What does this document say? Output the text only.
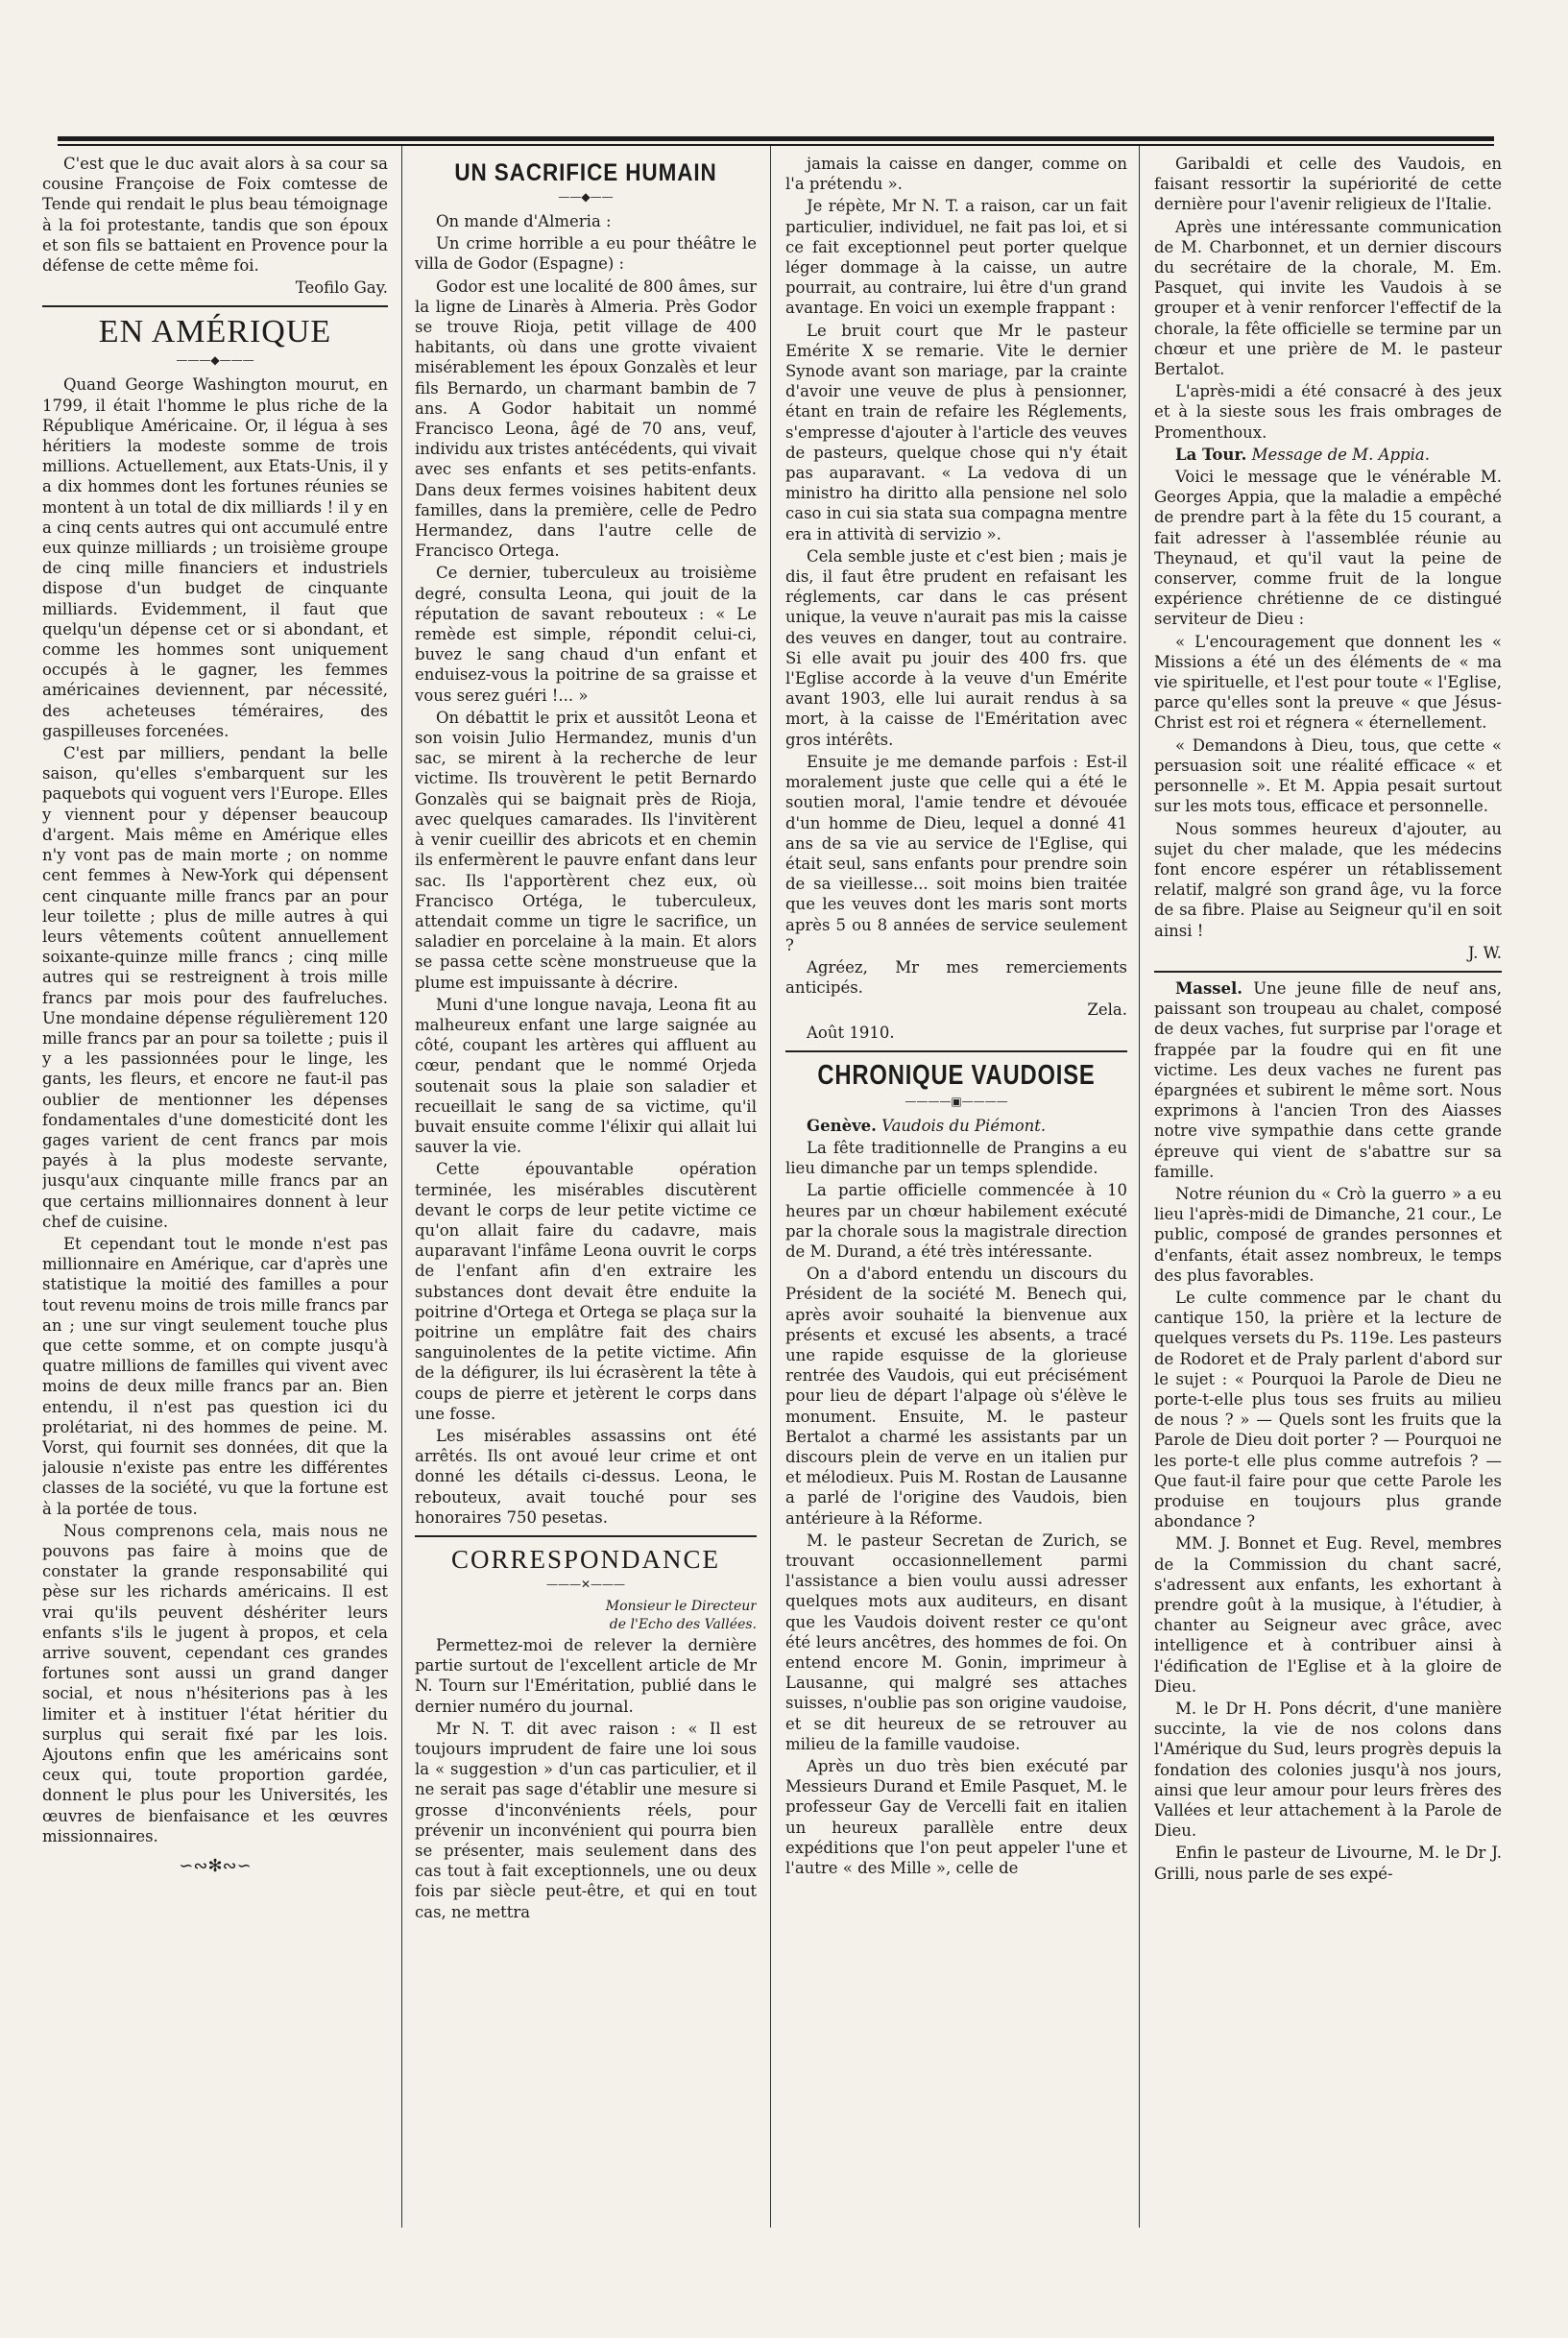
C'est que le duc avait alors à sa cour sa cousine Françoise de Foix comtesse de Tende qui rendait le plus beau témoignage à la foi protestante, tandis que son époux et son fils se battaient en Provence pour la défense de cette même foi.

Teofilo Gay.

EN AMÉRIQUE
———◆———

Quand George Washington mourut, en 1799, il était l'homme le plus riche de la République Américaine. Or, il légua à ses héritiers la modeste somme de trois millions. Actuellement, aux Etats-Unis, il y a dix hommes dont les fortunes réunies se montent à un total de dix milliards ! il y en a cinq cents autres qui ont accumulé entre eux quinze milliards ; un troisième groupe de cinq mille financiers et industriels dispose d'un budget de cinquante milliards. Evidemment, il faut que quelqu'un dépense cet or si abondant, et comme les hommes sont uniquement occupés à le gagner, les femmes américaines deviennent, par nécessité, des acheteuses téméraires, des gaspilleuses forcenées.

C'est par milliers, pendant la belle saison, qu'elles s'embarquent sur les paquebots qui voguent vers l'Europe. Elles y viennent pour y dépenser beaucoup d'argent. Mais même en Amérique elles n'y vont pas de main morte ; on nomme cent femmes à New-York qui dépensent cent cinquante mille francs par an pour leur toilette ; plus de mille autres à qui leurs vêtements coûtent annuellement soixante-quinze mille francs ; cinq mille autres qui se restreignent à trois mille francs par mois pour des faufreluches. Une mondaine dépense régulièrement 120 mille francs par an pour sa toilette ; puis il y a les passionnées pour le linge, les gants, les fleurs, et encore ne faut-il pas oublier de mentionner les dépenses fondamentales d'une domesticité dont les gages varient de cent francs par mois payés à la plus modeste servante, jusqu'aux cinquante mille francs par an que certains millionnaires donnent à leur chef de cuisine.

Et cependant tout le monde n'est pas millionnaire en Amérique, car d'après une statistique la moitié des familles a pour tout revenu moins de trois mille francs par an ; une sur vingt seulement touche plus que cette somme, et on compte jusqu'à quatre millions de familles qui vivent avec moins de deux mille francs par an. Bien entendu, il n'est pas question ici du prolétariat, ni des hommes de peine. M. Vorst, qui fournit ses données, dit que la jalousie n'existe pas entre les différentes classes de la société, vu que la fortune est à la portée de tous.

Nous comprenons cela, mais nous ne pouvons pas faire à moins que de constater la grande responsabilité qui pèse sur les richards américains. Il est vrai qu'ils peuvent déshériter leurs enfants s'ils le jugent à propos, et cela arrive souvent, cependant ces grandes fortunes sont aussi un grand danger social, et nous n'hésiterions pas à les limiter et à instituer l'état héritier du surplus qui serait fixé par les lois. Ajoutons enfin que les américains sont ceux qui, toute proportion gardée, donnent le plus pour les Universités, les œuvres de bienfaisance et les œuvres missionnaires.

∽∾✻∾∽
UN SACRIFICE HUMAIN
——◆——

On mande d'Almeria :

Un crime horrible a eu pour théâtre le villa de Godor (Espagne) :

Godor est une localité de 800 âmes, sur la ligne de Linarès à Almeria. Près Godor se trouve Rioja, petit village de 400 habitants, où dans une grotte vivaient misérablement les époux Gonzalès et leur fils Bernardo, un charmant bambin de 7 ans. A Godor habitait un nommé Francisco Leona, âgé de 70 ans, veuf, individu aux tristes antécédents, qui vivait avec ses enfants et ses petits-enfants. Dans deux fermes voisines habitent deux familles, dans la première, celle de Pedro Hermandez, dans l'autre celle de Francisco Ortega.

Ce dernier, tuberculeux au troisième degré, consulta Leona, qui jouit de la réputation de savant rebouteux : « Le remède est simple, répondit celui-ci, buvez le sang chaud d'un enfant et enduisez-vous la poitrine de sa graisse et vous serez guéri !... »

On débattit le prix et aussitôt Leona et son voisin Julio Hermandez, munis d'un sac, se mirent à la recherche de leur victime. Ils trouvèrent le petit Bernardo Gonzalès qui se baignait près de Rioja, avec quelques camarades. Ils l'invitèrent à venir cueillir des abricots et en chemin ils enfermèrent le pauvre enfant dans leur sac. Ils l'apportèrent chez eux, où Francisco Ortéga, le tuberculeux, attendait comme un tigre le sacrifice, un saladier en porcelaine à la main. Et alors se passa cette scène monstrueuse que la plume est impuissante à décrire.

Muni d'une longue navaja, Leona fit au malheureux enfant une large saignée au côté, coupant les artères qui affluent au cœur, pendant que le nommé Orjeda soutenait sous la plaie son saladier et recueillait le sang de sa victime, qu'il buvait ensuite comme l'élixir qui allait lui sauver la vie.

Cette épouvantable opération terminée, les misérables discutèrent devant le corps de leur petite victime ce qu'on allait faire du cadavre, mais auparavant l'infâme Leona ouvrit le corps de l'enfant afin d'en extraire les substances dont devait être enduite la poitrine d'Ortega et Ortega se plaça sur la poitrine un emplâtre fait des chairs sanguinolentes de la petite victime. Afin de la défigurer, ils lui écrasèrent la tête à coups de pierre et jetèrent le corps dans une fosse.

Les misérables assassins ont été arrêtés. Ils ont avoué leur crime et ont donné les détails ci-dessus. Leona, le rebouteux, avait touché pour ses honoraires 750 pesetas.

CORRESPONDANCE
———✕———

Monsieur le Directeur

de l'Echo des Vallées.

Permettez-moi de relever la dernière partie surtout de l'excellent article de Mr N. Tourn sur l'Eméritation, publié dans le dernier numéro du journal.

Mr N. T. dit avec raison : « Il est toujours imprudent de faire une loi sous la « suggestion » d'un cas particulier, et il ne serait pas sage d'établir une mesure si grosse d'inconvénients réels, pour prévenir un inconvénient qui pourra bien se présenter, mais seulement dans des cas tout à fait exceptionnels, une ou deux fois par siècle peut-être, et qui en tout cas, ne mettra

jamais la caisse en danger, comme on l'a prétendu ».

Je répète, Mr N. T. a raison, car un fait particulier, individuel, ne fait pas loi, et si ce fait exceptionnel peut porter quelque léger dommage à la caisse, un autre pourrait, au contraire, lui être d'un grand avantage. En voici un exemple frappant :

Le bruit court que Mr le pasteur Emérite X se remarie. Vite le dernier Synode avant son mariage, par la crainte d'avoir une veuve de plus à pensionner, étant en train de refaire les Réglements, s'empresse d'ajouter à l'article des veuves de pasteurs, quelque chose qui n'y était pas auparavant. « La vedova di un ministro ha diritto alla pensione nel solo caso in cui sia stata sua compagna mentre era in attività di servizio ».

Cela semble juste et c'est bien ; mais je dis, il faut être prudent en refaisant les réglements, car dans le cas présent unique, la veuve n'aurait pas mis la caisse des veuves en danger, tout au contraire. Si elle avait pu jouir des 400 frs. que l'Eglise accorde à la veuve d'un Emérite avant 1903, elle lui aurait rendus à sa mort, à la caisse de l'Eméritation avec gros intérêts.

Ensuite je me demande parfois : Est-il moralement juste que celle qui a été le soutien moral, l'amie tendre et dévouée d'un homme de Dieu, lequel a donné 41 ans de sa vie au service de l'Eglise, qui était seul, sans enfants pour prendre soin de sa vieillesse... soit moins bien traitée que les veuves dont les maris sont morts après 5 ou 8 années de service seulement ?

Agréez, Mr mes remerciements anticipés.

Zela.

Août 1910.

CHRONIQUE VAUDOISE
————▣————

Genève. Vaudois du Piémont.

La fête traditionnelle de Prangins a eu lieu dimanche par un temps splendide.

La partie officielle commencée à 10 heures par un chœur habilement exécuté par la chorale sous la magistrale direction de M. Durand, a été très intéressante.

On a d'abord entendu un discours du Président de la société M. Benech qui, après avoir souhaité la bienvenue aux présents et excusé les absents, a tracé une rapide esquisse de la glorieuse rentrée des Vaudois, qui eut précisément pour lieu de départ l'alpage où s'élève le monument. Ensuite, M. le pasteur Bertalot a charmé les assistants par un discours plein de verve en un italien pur et mélodieux. Puis M. Rostan de Lausanne a parlé de l'origine des Vaudois, bien antérieure à la Réforme.

M. le pasteur Secretan de Zurich, se trouvant occasionnellement parmi l'assistance a bien voulu aussi adresser quelques mots aux auditeurs, en disant que les Vaudois doivent rester ce qu'ont été leurs ancêtres, des hommes de foi. On entend encore M. Gonin, imprimeur à Lausanne, qui malgré ses attaches suisses, n'oublie pas son origine vaudoise, et se dit heureux de se retrouver au milieu de la famille vaudoise.

Après un duo très bien exécuté par Messieurs Durand et Emile Pasquet, M. le professeur Gay de Vercelli fait en italien un heureux parallèle entre deux expéditions que l'on peut appeler l'une et l'autre « des Mille », celle de

Garibaldi et celle des Vaudois, en faisant ressortir la supériorité de cette dernière pour l'avenir religieux de l'Italie.

Après une intéressante communication de M. Charbonnet, et un dernier discours du secrétaire de la chorale, M. Em. Pasquet, qui invite les Vaudois à se grouper et à venir renforcer l'effectif de la chorale, la fête officielle se termine par un chœur et une prière de M. le pasteur Bertalot.

L'après-midi a été consacré à des jeux et à la sieste sous les frais ombrages de Promenthoux.

La Tour. Message de M. Appia.

Voici le message que le vénérable M. Georges Appia, que la maladie a empêché de prendre part à la fête du 15 courant, a fait adresser à l'assemblée réunie au Theynaud, et qu'il vaut la peine de conserver, comme fruit de la longue expérience chrétienne de ce distingué serviteur de Dieu :

« L'encouragement que donnent les « Missions a été un des éléments de « ma vie spirituelle, et l'est pour toute « l'Eglise, parce qu'elles sont la preuve « que Jésus-Christ est roi et régnera « éternellement.

« Demandons à Dieu, tous, que cette « persuasion soit une réalité efficace « et personnelle ». Et M. Appia pesait surtout sur les mots tous, efficace et personnelle.

Nous sommes heureux d'ajouter, au sujet du cher malade, que les médecins font encore espérer un rétablissement relatif, malgré son grand âge, vu la force de sa fibre. Plaise au Seigneur qu'il en soit ainsi !

J. W.

Massel. Une jeune fille de neuf ans, paissant son troupeau au chalet, composé de deux vaches, fut surprise par l'orage et frappée par la foudre qui en fit une victime. Les deux vaches ne furent pas épargnées et subirent le même sort. Nous exprimons à l'ancien Tron des Aiasses notre vive sympathie dans cette grande épreuve qui vient de s'abattre sur sa famille.

Notre réunion du « Crò la guerro » a eu lieu l'après-midi de Dimanche, 21 cour., Le public, composé de grandes personnes et d'enfants, était assez nombreux, le temps des plus favorables.

Le culte commence par le chant du cantique 150, la prière et la lecture de quelques versets du Ps. 119e. Les pasteurs de Rodoret et de Praly parlent d'abord sur le sujet : « Pourquoi la Parole de Dieu ne porte-t-elle plus tous ses fruits au milieu de nous ? » — Quels sont les fruits que la Parole de Dieu doit porter ? — Pourquoi ne les porte-t elle plus comme autrefois ? — Que faut-il faire pour que cette Parole les produise en toujours plus grande abondance ?

MM. J. Bonnet et Eug. Revel, membres de la Commission du chant sacré, s'adressent aux enfants, les exhortant à prendre goût à la musique, à l'étudier, à chanter au Seigneur avec grâce, avec intelligence et à contribuer ainsi à l'édification de l'Eglise et à la gloire de Dieu.

M. le Dr H. Pons décrit, d'une manière succinte, la vie de nos colons dans l'Amérique du Sud, leurs progrès depuis la fondation des colonies jusqu'à nos jours, ainsi que leur amour pour leurs frères des Vallées et leur attachement à la Parole de Dieu.

Enfin le pasteur de Livourne, M. le Dr J. Grilli, nous parle de ses expé-
